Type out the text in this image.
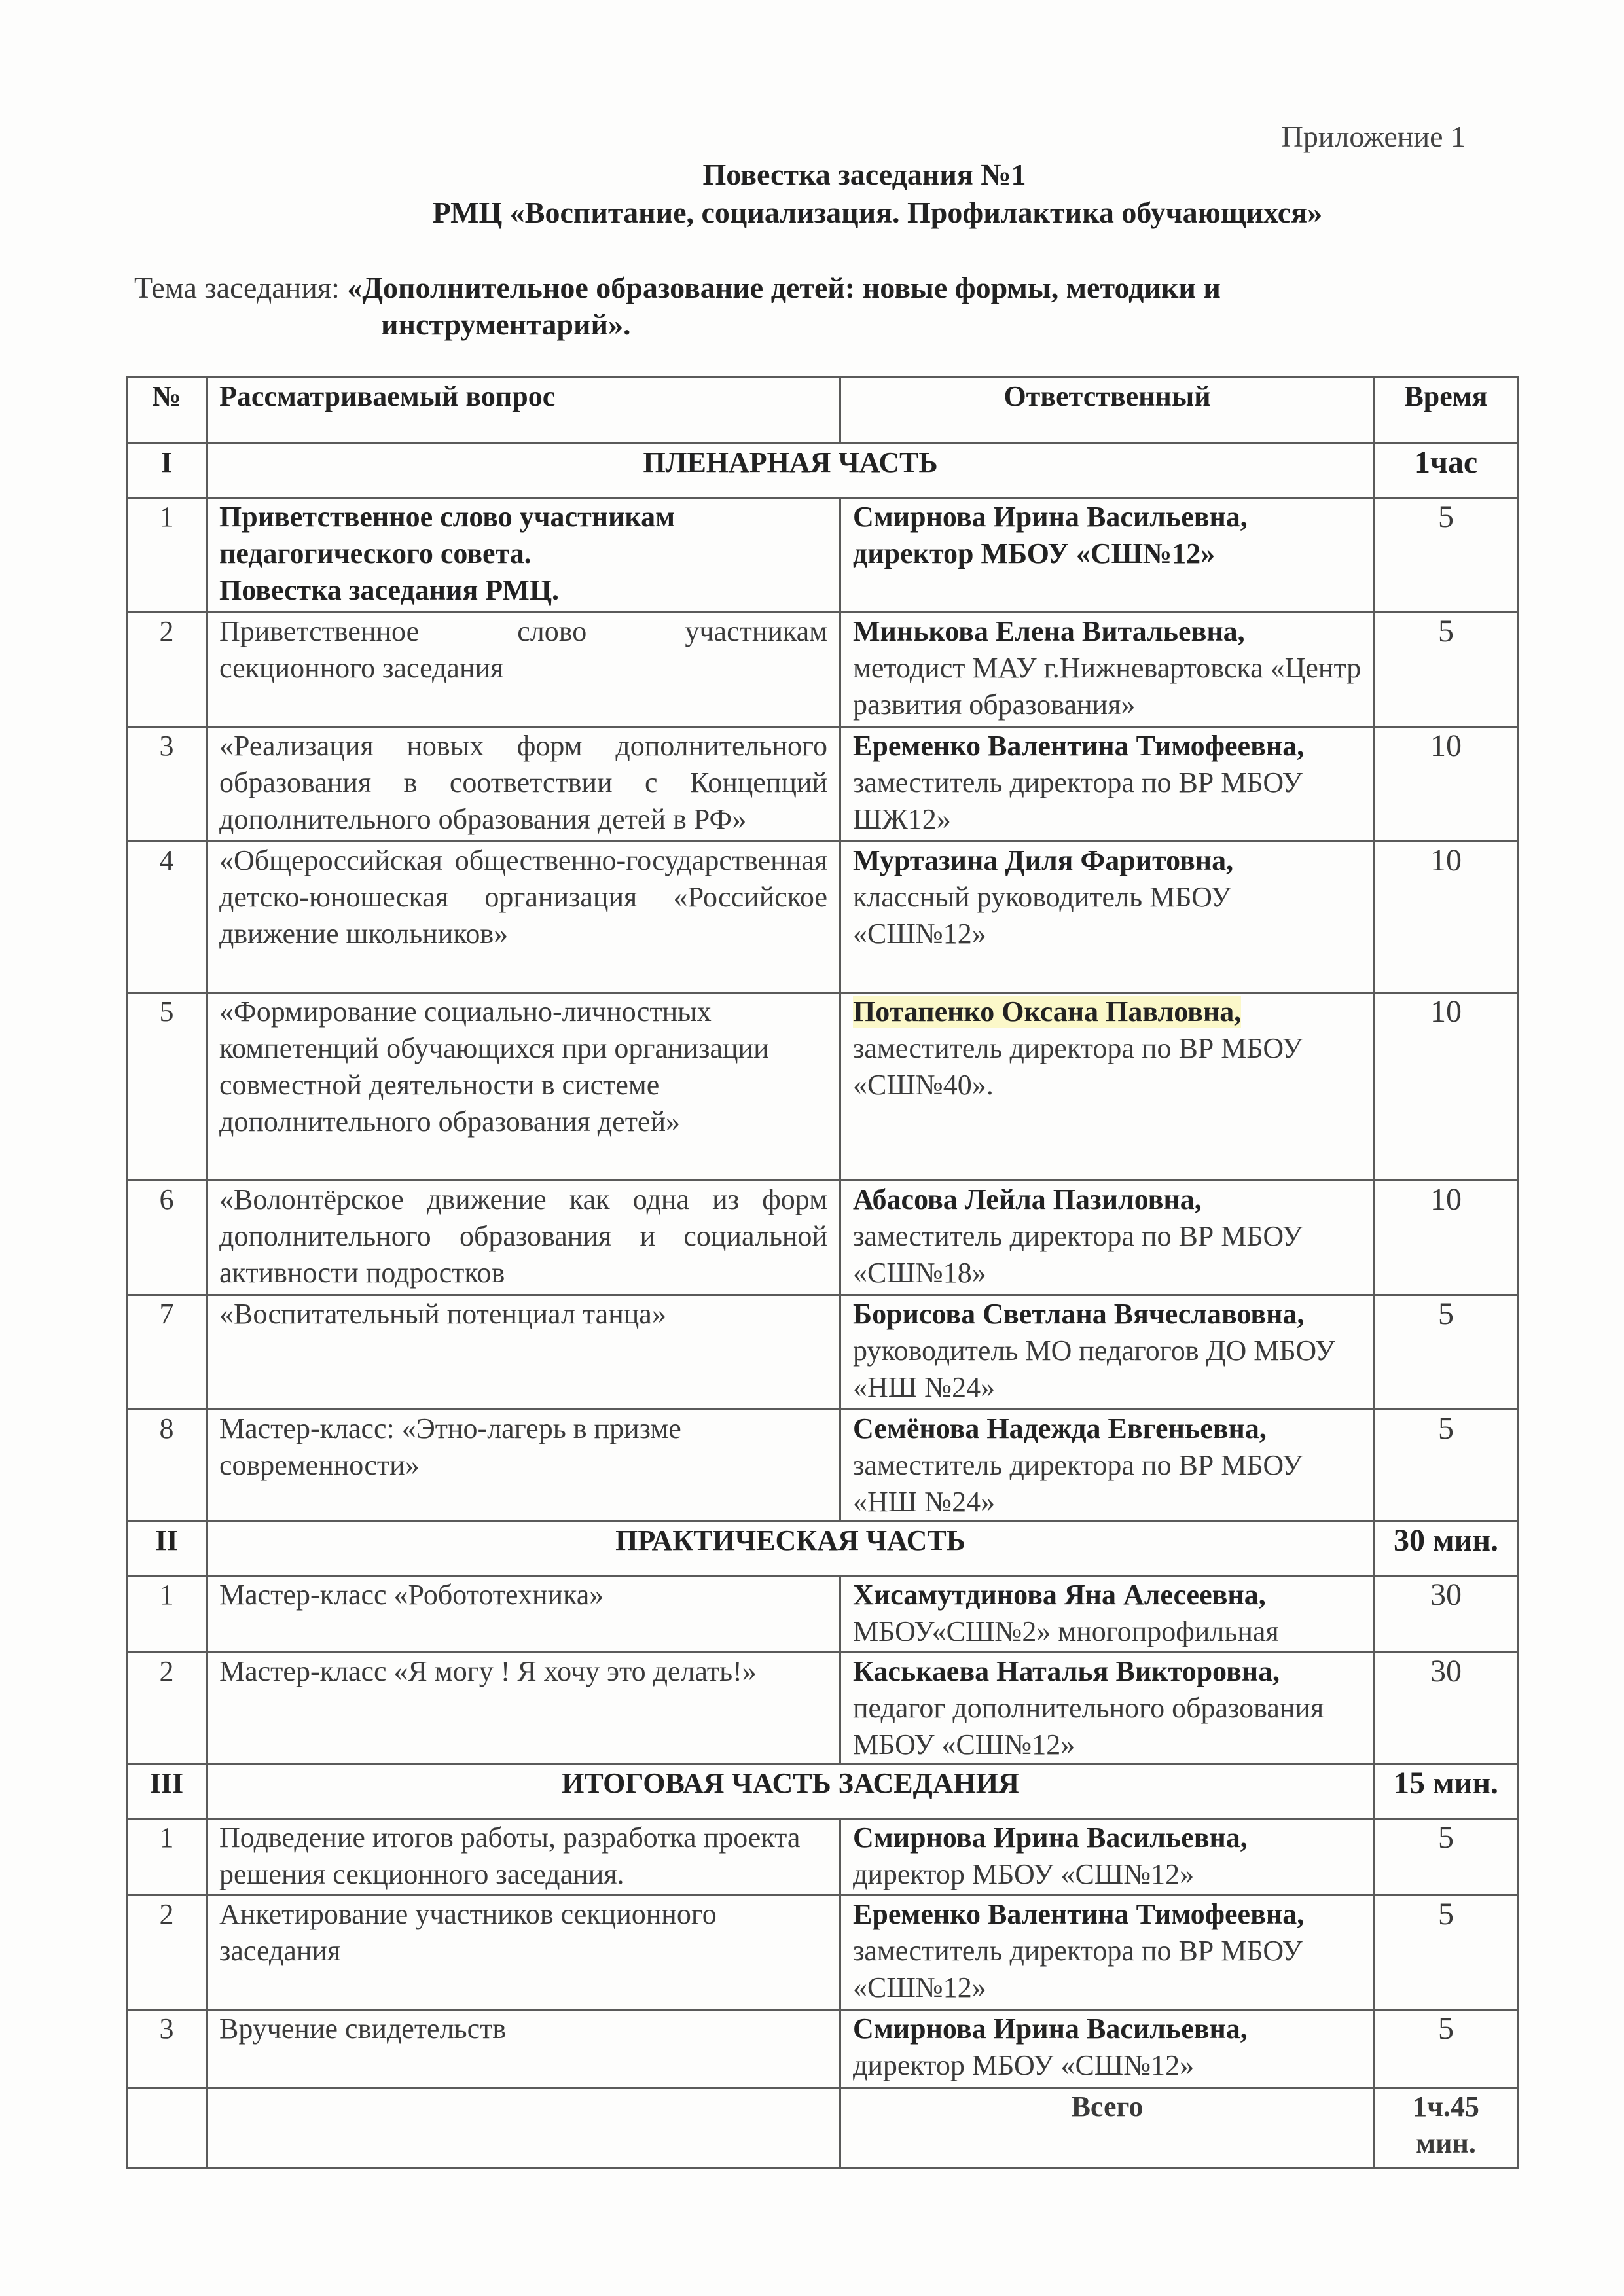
Приложение 1
Повестка заседания №1
РМЦ «Воспитание, социализация. Профилактика обучающихся»
Тема заседания: «Дополнительное образование детей: новые формы, методики и
инструментарий».
№	Рассматриваемый вопрос	Ответственный	Время
I	ПЛЕНАРНАЯ ЧАСТЬ		1час
1	Приветственное слово участникам
педагогического совета.
Повестка заседания РМЦ.	Смирнова Ирина Васильевна,
директор МБОУ «СШ№12»	5
2	Приветственное слово участникам
секционного заседания	Минькова Елена Витальевна,
методист МАУ г.Нижневартовска «Центр развития образования»	5
3	«Реализация новых форм дополнительного образования в соответствии с Концепций дополнительного образования детей в РФ»	Еременко Валентина Тимофеевна,
заместитель директора по ВР МБОУ ШЖ12»	10
4	«Общероссийская общественно-государственная детско-юношеская организация «Российское движение школьников»	Муртазина Диля Фаритовна,
классный руководитель МБОУ «СШ№12»	10
5	«Формирование социально-личностных компетенций обучающихся при организации совместной деятельности в системе дополнительного образования детей»	Потапенко Оксана Павловна,
заместитель директора по ВР МБОУ «СШ№40».	10
6	«Волонтёрское движение как одна из форм дополнительного образования и социальной активности подростков	Абасова Лейла Пазиловна,
заместитель директора по ВР МБОУ «СШ№18»	10
7	«Воспитательный потенциал танца»	Борисова Светлана Вячеславовна, руководитель МО педагогов ДО МБОУ «НШ №24»	5
8	Мастер-класс: «Этно-лагерь в призме современности»	Семёнова Надежда Евгеньевна,
заместитель директора по ВР МБОУ «НШ №24»	5
II	ПРАКТИЧЕСКАЯ ЧАСТЬ		30 мин.
1	Мастер-класс «Робототехника»	Хисамутдинова Яна Алесеевна,
МБОУ«СШ№2» многопрофильная	30
2	Мастер-класс «Я могу ! Я хочу это делать!»	Каськаева Наталья Викторовна,
педагог дополнительного образования МБОУ «СШ№12»	30
III	ИТОГОВАЯ ЧАСТЬ ЗАСЕДАНИЯ		15 мин.
1	Подведение итогов работы, разработка проекта решения секционного заседания.	Смирнова Ирина Васильевна,
директор МБОУ «СШ№12»	5
2	Анкетирование участников секционного заседания	Еременко Валентина Тимофеевна, заместитель директора по ВР МБОУ «СШ№12»	5
3	Вручение свидетельств	Смирнова Ирина Васильевна,
директор МБОУ «СШ№12»	5
		Всего	1ч.45 мин.
